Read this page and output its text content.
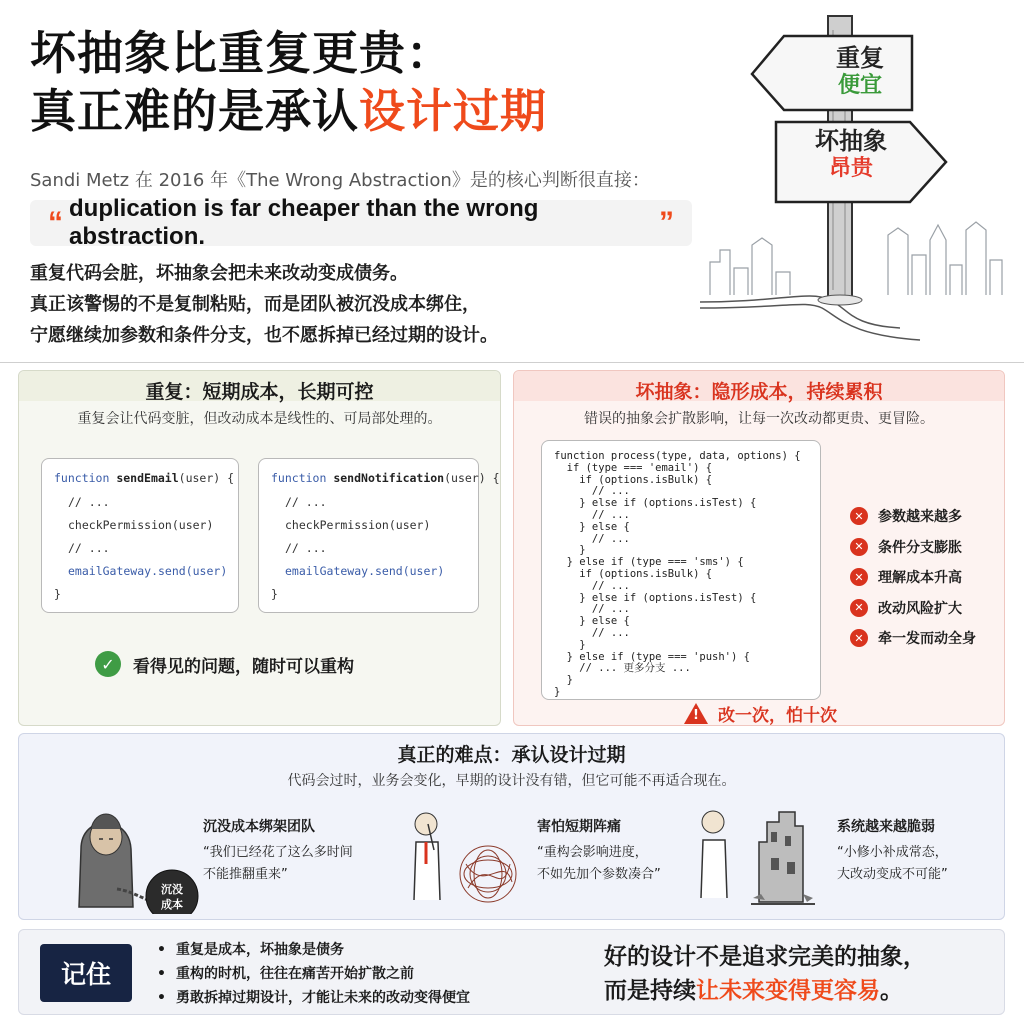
坏抽象比重复更贵：
真正难的是承认设计过期
Sandi Metz 在 2016 年《The Wrong Abstraction》是的核心判断很直接：
“ duplication is far cheaper than the wrong abstraction.	”

重复代码会脏，坏抽象会把未来改动变成债务。

真正该警惕的不是复制粘贴，而是团队被沉没成本绑住，

宁愿继续加参数和条件分支，也不愿拆掉已经过期的设计。

重复
便宜
坏抽象
昂贵
重复：短期成本，长期可控
重复会让代码变脏，但改动成本是线性的、可局部处理的。
function sendEmail(user) {
// ...
checkPermission(user)
// ...
emailGateway.send(user)
}
function sendNotification(user) {
// ...
checkPermission(user)
// ...
emailGateway.send(user)
}
✓	看得见的问题，随时可以重构
坏抽象：隐形成本，持续累积
错误的抽象会扩散影响，让每一次改动都更贵、更冒险。
function process(type, data, options) {
if (type === 'email') {
if (options.isBulk) {
// ...
} else if (options.isTest) {
// ...
} else {
// ...
}
} else if (type === 'sms') {
if (options.isBulk) {
// ...
} else if (options.isTest) {
// ...
} else {
// ...
}
} else if (type === 'push') {
// ... 更多分支 ...
}
}
✕	参数越来越多
✕	条件分支膨胀
✕	理解成本升高
✕	改动风险扩大
✕	牵一发而动全身
! 改一次，怕十次
真正的难点：承认设计过期
代码会过时，业务会变化，早期的设计没有错，但它可能不再适合现在。
沉没
成本
沉没成本绑架团队
“我们已经花了这么多时间
不能推翻重来”
害怕短期阵痛
“重构会影响进度，
不如先加个参数凑合”
系统越来越脆弱
“小修小补成常态，
大改动变成不可能”
记住
• 重复是成本，坏抽象是债务
• 重构的时机，往往在痛苦开始扩散之前
• 勇敢拆掉过期设计，才能让未来的改动变得便宜
好的设计不是追求完美的抽象，
而是持续让未来变得更容易。
